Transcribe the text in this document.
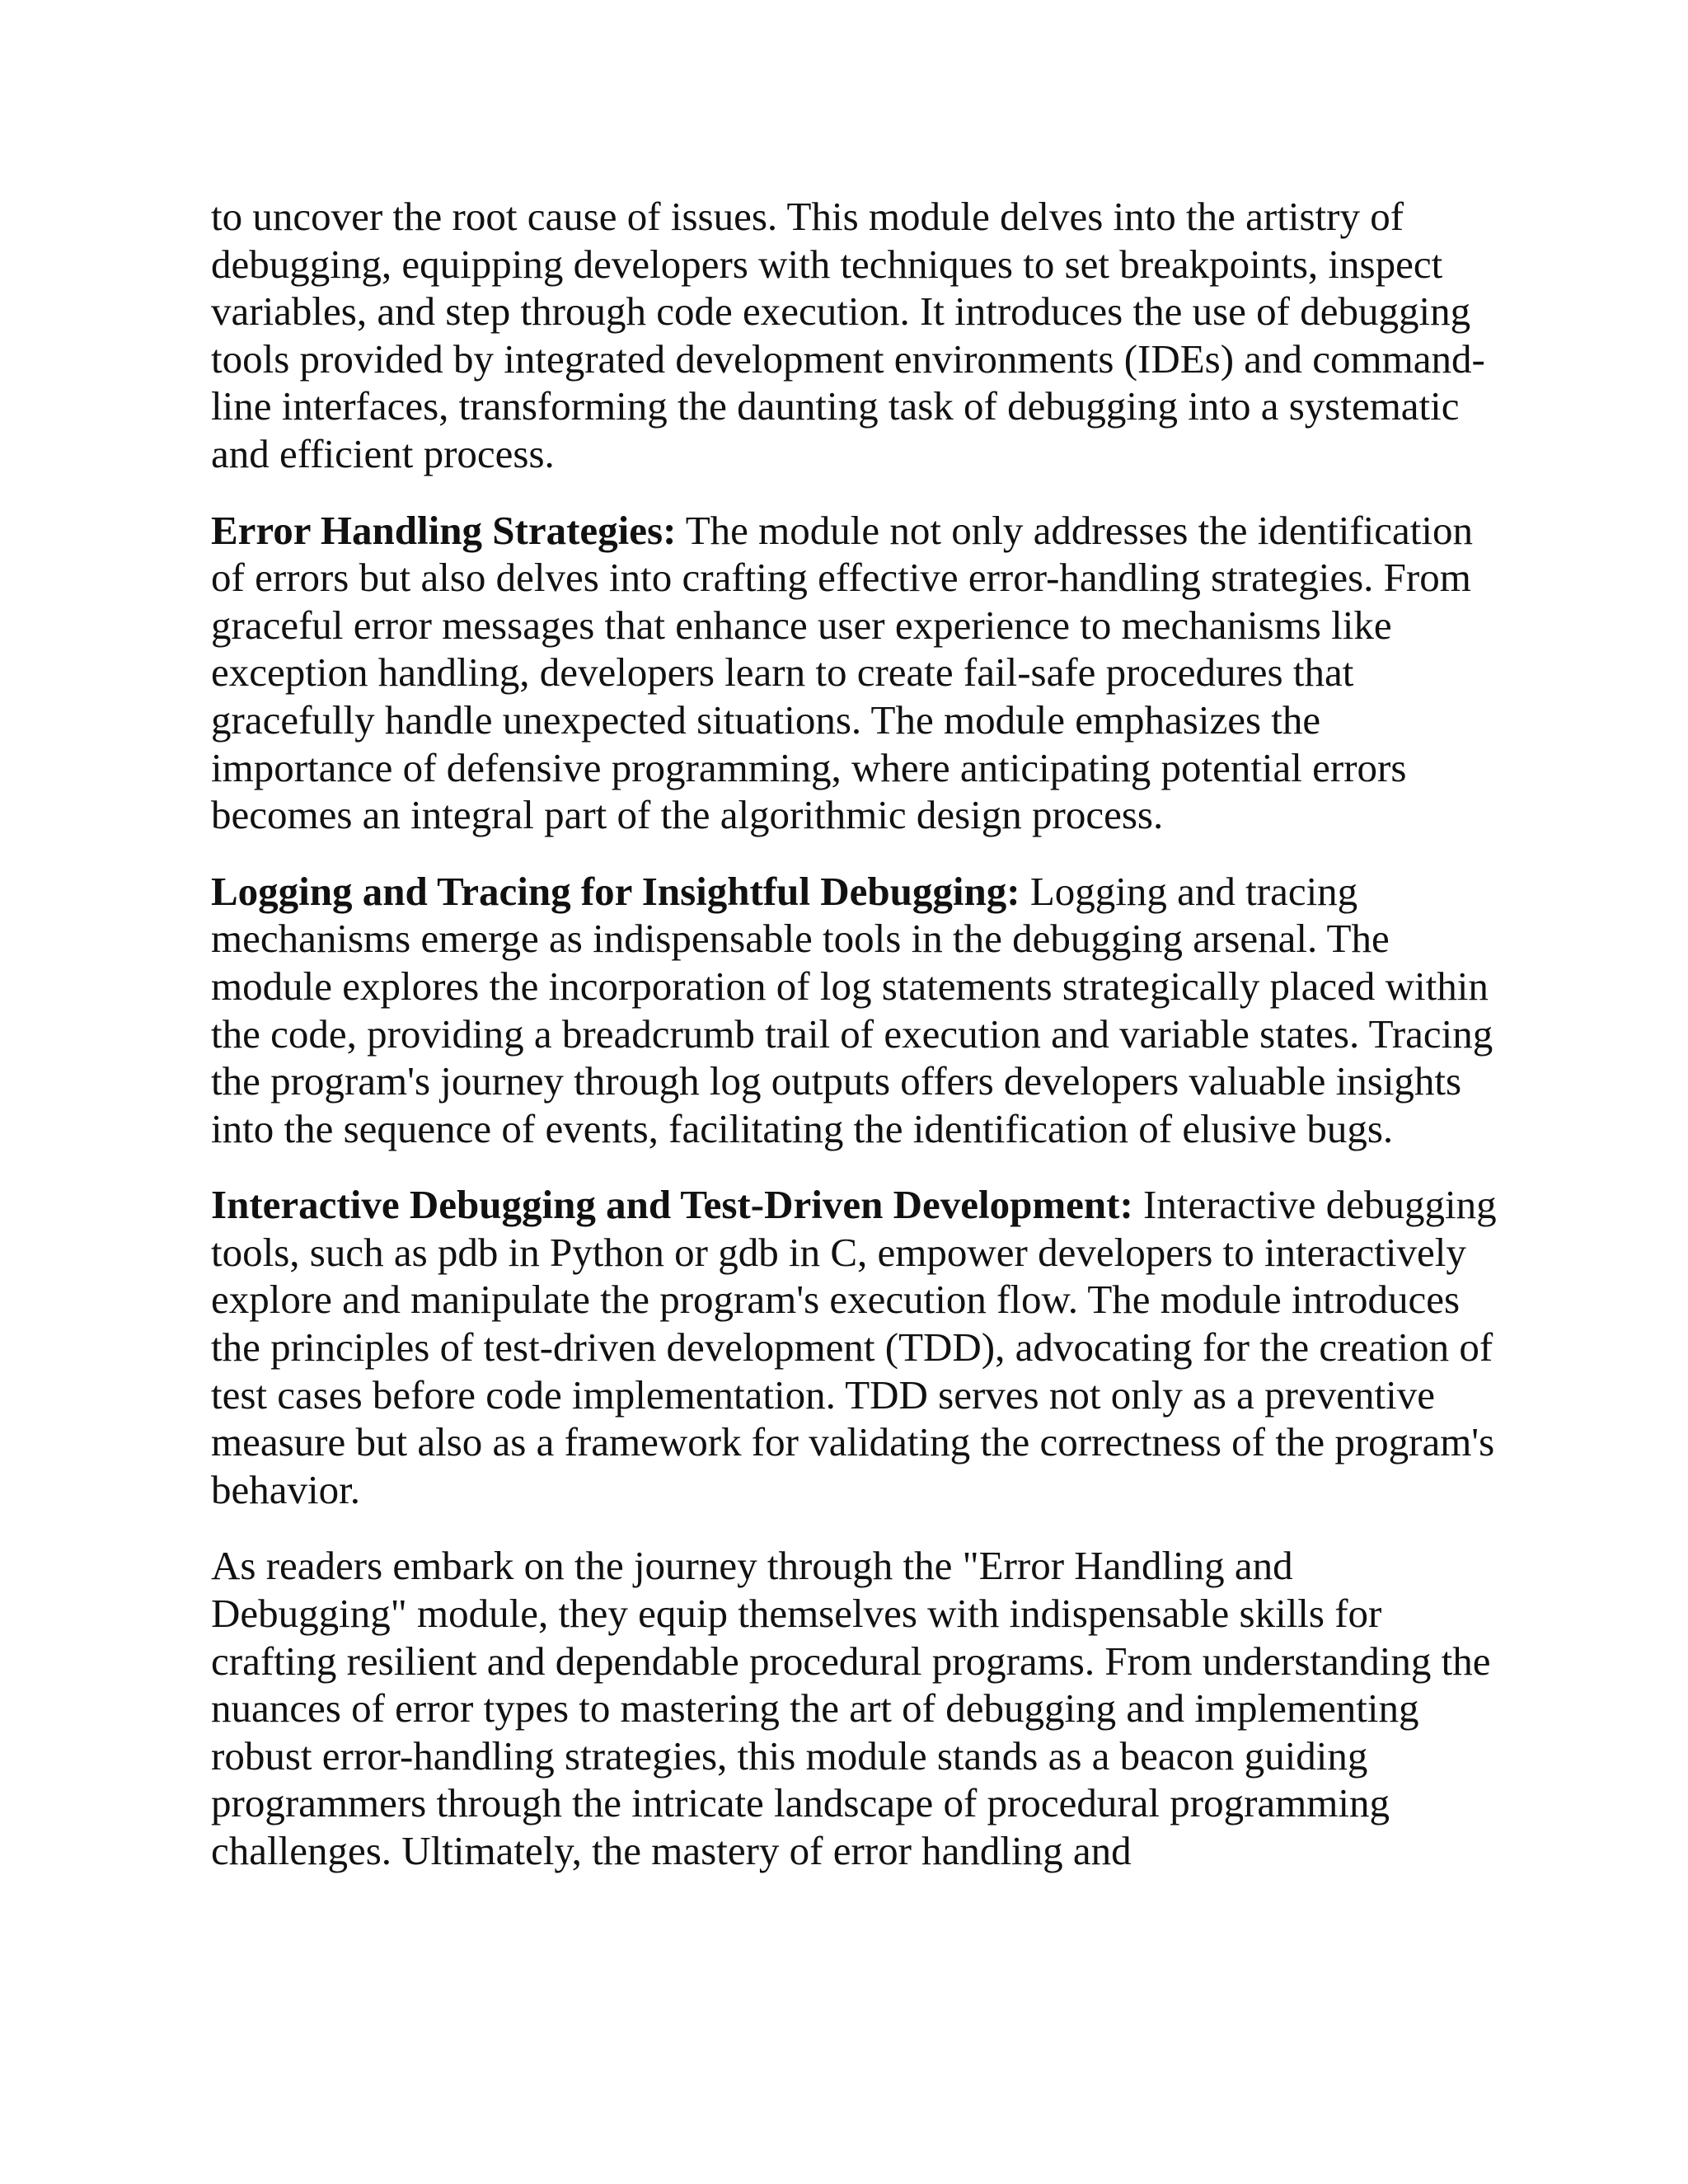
to uncover the root cause of issues. This module delves into the artistry of debugging, equipping developers with techniques to set breakpoints, inspect variables, and step through code execution. It introduces the use of debugging tools provided by integrated development environments (IDEs) and command-line interfaces, transforming the daunting task of debugging into a systematic and efficient process.

Error Handling Strategies: The module not only addresses the identification of errors but also delves into crafting effective error-handling strategies. From graceful error messages that enhance user experience to mechanisms like exception handling, developers learn to create fail-safe procedures that gracefully handle unexpected situations. The module emphasizes the importance of defensive programming, where anticipating potential errors becomes an integral part of the algorithmic design process.

Logging and Tracing for Insightful Debugging: Logging and tracing mechanisms emerge as indispensable tools in the debugging arsenal. The module explores the incorporation of log statements strategically placed within the code, providing a breadcrumb trail of execution and variable states. Tracing the program's journey through log outputs offers developers valuable insights into the sequence of events, facilitating the identification of elusive bugs.

Interactive Debugging and Test-Driven Development: Interactive debugging tools, such as pdb in Python or gdb in C, empower developers to interactively explore and manipulate the program's execution flow. The module introduces the principles of test-driven development (TDD), advocating for the creation of test cases before code implementation. TDD serves not only as a preventive measure but also as a framework for validating the correctness of the program's behavior.

As readers embark on the journey through the "Error Handling and Debugging" module, they equip themselves with indispensable skills for crafting resilient and dependable procedural programs. From understanding the nuances of error types to mastering the art of debugging and implementing robust error-handling strategies, this module stands as a beacon guiding programmers through the intricate landscape of procedural programming challenges. Ultimately, the mastery of error handling and
